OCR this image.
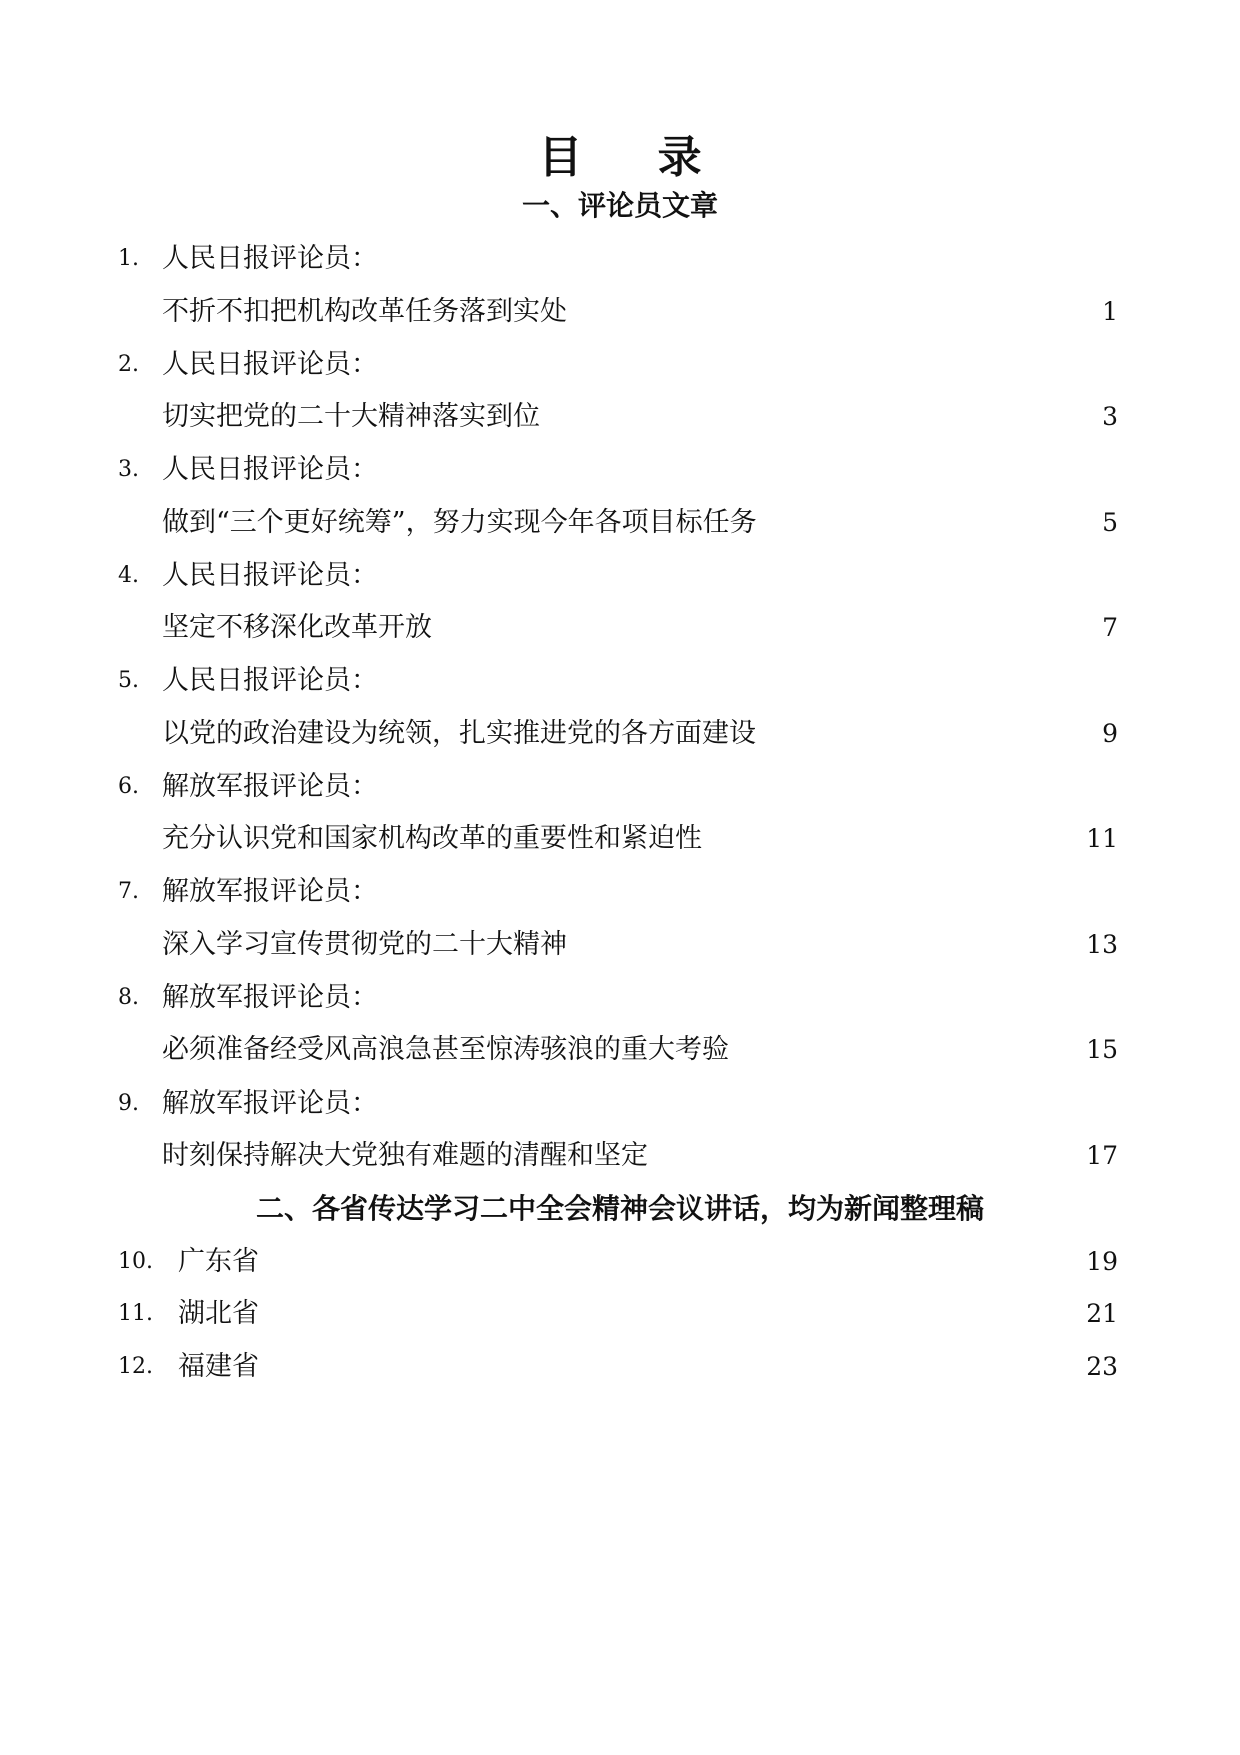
目 录
一、评论员文章
1. 人民日报评论员：
不折不扣把机构改革任务落到实处	1
2. 人民日报评论员：
切实把党的二十大精神落实到位	3
3. 人民日报评论员：
做到“三个更好统筹”，努力实现今年各项目标任务	5
4. 人民日报评论员：
坚定不移深化改革开放	7
5. 人民日报评论员：
以党的政治建设为统领，扎实推进党的各方面建设	9
6. 解放军报评论员：
充分认识党和国家机构改革的重要性和紧迫性	11
7. 解放军报评论员：
深入学习宣传贯彻党的二十大精神	13
8. 解放军报评论员：
必须准备经受风高浪急甚至惊涛骇浪的重大考验	15
9. 解放军报评论员：
时刻保持解决大党独有难题的清醒和坚定	17
二、各省传达学习二中全会精神会议讲话，均为新闻整理稿
10. 广东省	19
11. 湖北省	21
12. 福建省	23
